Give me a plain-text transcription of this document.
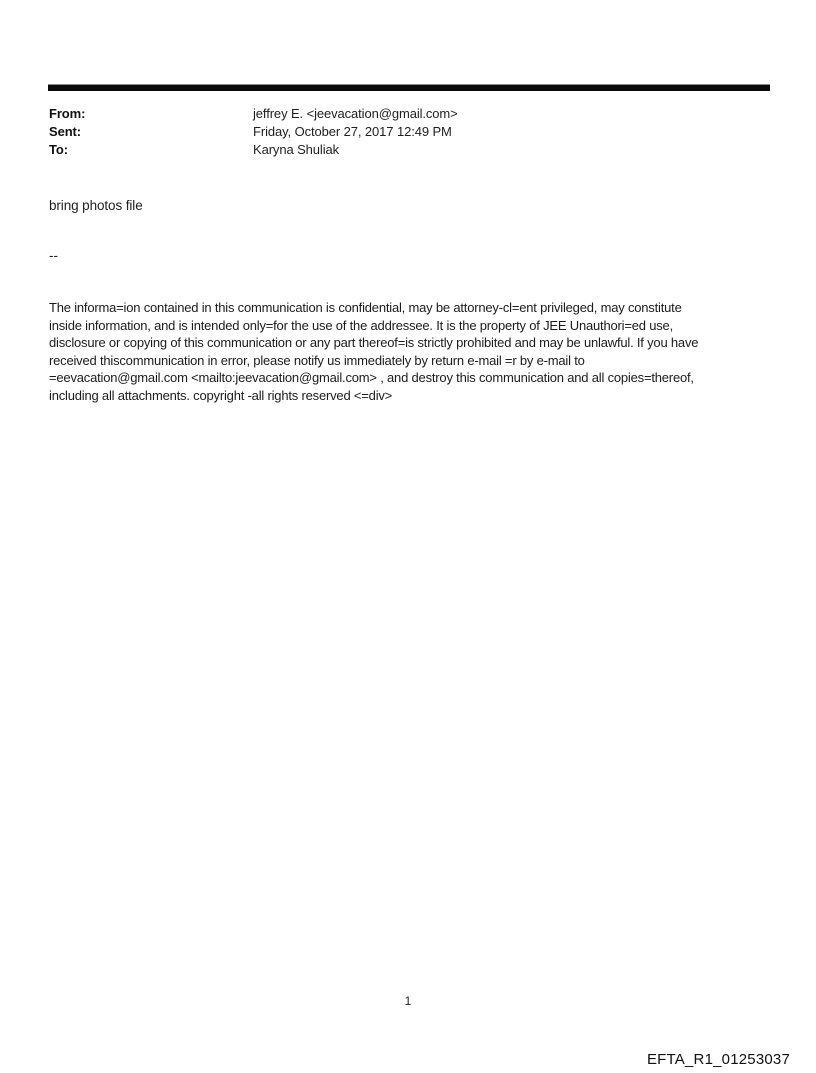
From:	jeffrey E. <jeevacation@gmail.com>
Sent:	Friday, October 27, 2017 12:49 PM
To:	Karyna Shuliak
bring photos file
--
The informa=ion contained in this communication is confidential, may be attorney-cl=ent privileged, may constitute
inside information, and is intended only=for the use of the addressee. It is the property of JEE Unauthori=ed use,
disclosure or copying of this communication or any part thereof=is strictly prohibited and may be unlawful. If you have
received thiscommunication in error, please notify us immediately by return e-mail =r by e-mail to
=eevacation@gmail.com <mailto:jeevacation@gmail.com> , and destroy this communication and all copies=thereof,
including all attachments. copyright -all rights reserved <=div>
1
EFTA_R1_01253037
